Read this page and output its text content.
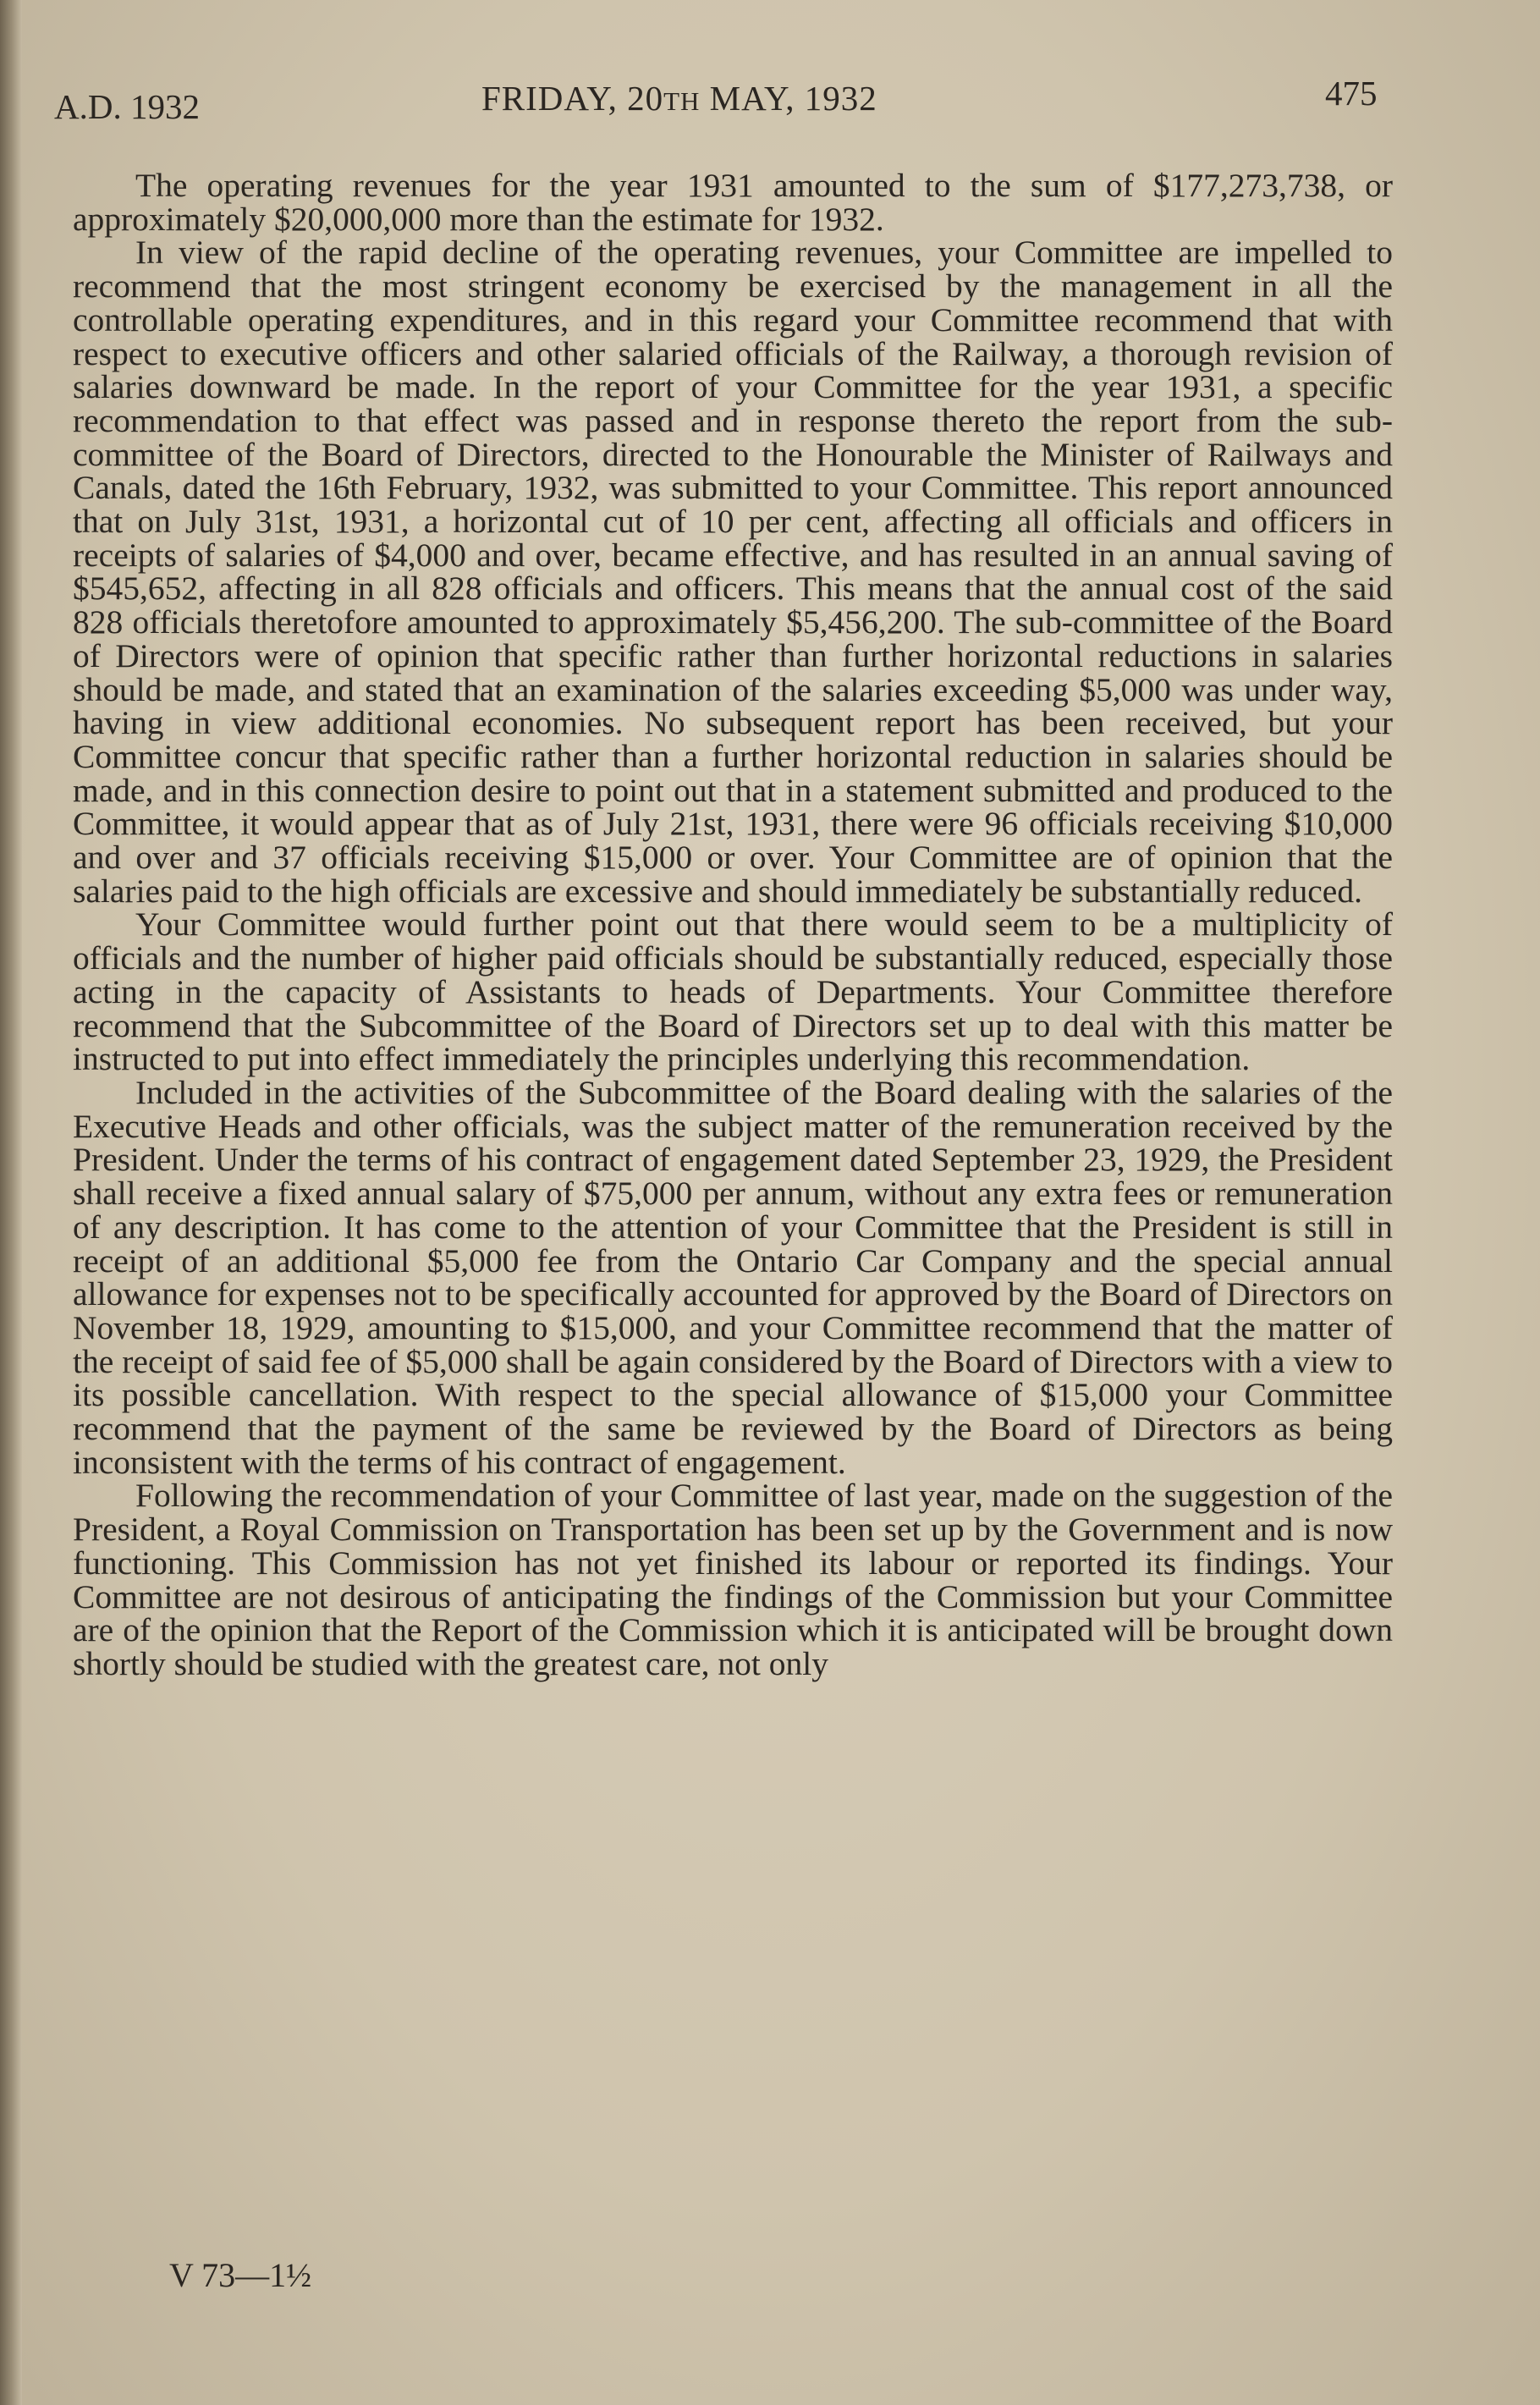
A.D. 1932	FRIDAY, 20TH MAY, 1932	475

The operating revenues for the year 1931 amounted to the sum of $177,273,738, or approximately $20,000,000 more than the estimate for 1932.

In view of the rapid decline of the operating revenues, your Committee are impelled to recommend that the most stringent economy be exercised by the management in all the controllable operating expenditures, and in this regard your Committee recommend that with respect to executive officers and other salaried officials of the Railway, a thorough revision of salaries downward be made. In the report of your Committee for the year 1931, a specific recommendation to that effect was passed and in response thereto the report from the sub-committee of the Board of Directors, directed to the Honourable the Minister of Railways and Canals, dated the 16th February, 1932, was submitted to your Committee. This report announced that on July 31st, 1931, a horizontal cut of 10 per cent, affecting all officials and officers in receipts of salaries of $4,000 and over, became effective, and has resulted in an annual saving of $545,652, affecting in all 828 officials and officers. This means that the annual cost of the said 828 officials theretofore amounted to approximately $5,456,200. The sub-committee of the Board of Directors were of opinion that specific rather than further horizontal reductions in salaries should be made, and stated that an examination of the salaries exceeding $5,000 was under way, having in view additional economies. No subsequent report has been received, but your Committee concur that specific rather than a further horizontal reduction in salaries should be made, and in this connection desire to point out that in a statement submitted and produced to the Committee, it would appear that as of July 21st, 1931, there were 96 officials receiving $10,000 and over and 37 officials receiving $15,000 or over. Your Committee are of opinion that the salaries paid to the high officials are excessive and should immediately be substantially reduced.

Your Committee would further point out that there would seem to be a multiplicity of officials and the number of higher paid officials should be substantially reduced, especially those acting in the capacity of Assistants to heads of Departments. Your Committee therefore recommend that the Subcommittee of the Board of Directors set up to deal with this matter be instructed to put into effect immediately the principles underlying this recommendation.

Included in the activities of the Subcommittee of the Board dealing with the salaries of the Executive Heads and other officials, was the subject matter of the remuneration received by the President. Under the terms of his contract of engagement dated September 23, 1929, the President shall receive a fixed annual salary of $75,000 per annum, without any extra fees or remuneration of any description. It has come to the attention of your Committee that the President is still in receipt of an additional $5,000 fee from the Ontario Car Company and the special annual allowance for expenses not to be specifically accounted for approved by the Board of Directors on November 18, 1929, amounting to $15,000, and your Committee recommend that the matter of the receipt of said fee of $5,000 shall be again considered by the Board of Directors with a view to its possible cancellation. With respect to the special allowance of $15,000 your Committee recommend that the payment of the same be reviewed by the Board of Directors as being inconsistent with the terms of his contract of engagement.

Following the recommendation of your Committee of last year, made on the suggestion of the President, a Royal Commission on Transportation has been set up by the Government and is now functioning. This Commission has not yet finished its labour or reported its findings. Your Committee are not desirous of anticipating the findings of the Commission but your Committee are of the opinion that the Report of the Commission which it is anticipated will be brought down shortly should be studied with the greatest care, not only

V 73—1½
